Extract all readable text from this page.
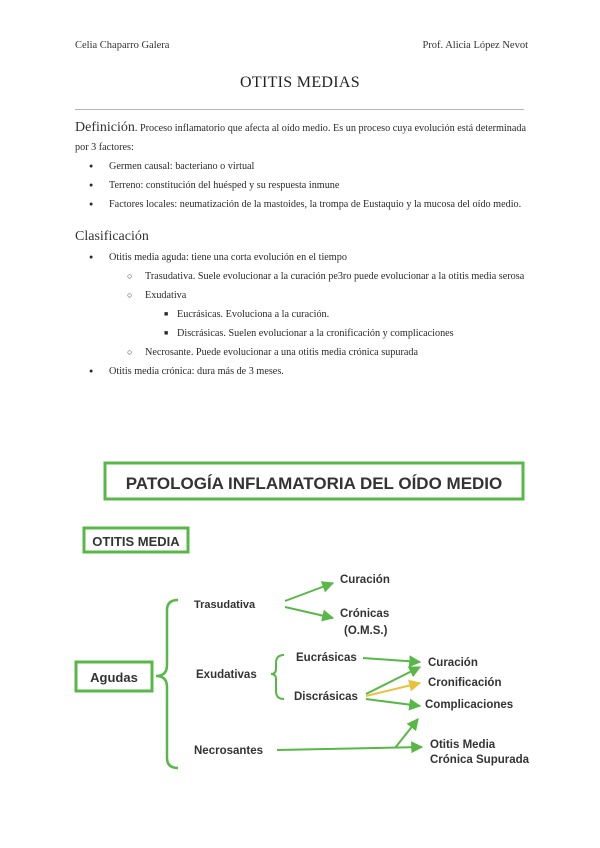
Celia Chaparro Galera	Prof. Alicia López Nevot
OTITIS MEDIAS

Definición. Proceso inflamatorio que afecta al oído medio. Es un proceso cuya evolución está determinada por 3 factores:

● Germen causal: bacteriano o virtual
● Terreno: constitución del huésped y su respuesta inmune
● Factores locales: neumatización de la mastoides, la trompa de Eustaquio y la mucosa del oído medio.
Clasificación
● Otitis media aguda: tiene una corta evolución en el tiempo
○ Trasudativa. Suele evolucionar a la curación pe3ro puede evolucionar a la otitis media serosa
○ Exudativa
■ Eucrásicas. Evoluciona a la curación.
■ Discrásicas. Suelen evolucionar a la cronificación y complicaciones
○ Necrosante. Puede evolucionar a una otitis media crónica supurada
● Otitis media crónica: dura más de 3 meses.
PATOLOGÍA INFLAMATORIA DEL OÍDO MEDIO
OTITIS MEDIA
Agudas
Trasudativa
Exudativas
Necrosantes
Curación
Crónicas
(O.M.S.)
Eucrásicas
Discrásicas
Curación
Cronificación
Complicaciones
Otitis Media
Crónica Supurada
